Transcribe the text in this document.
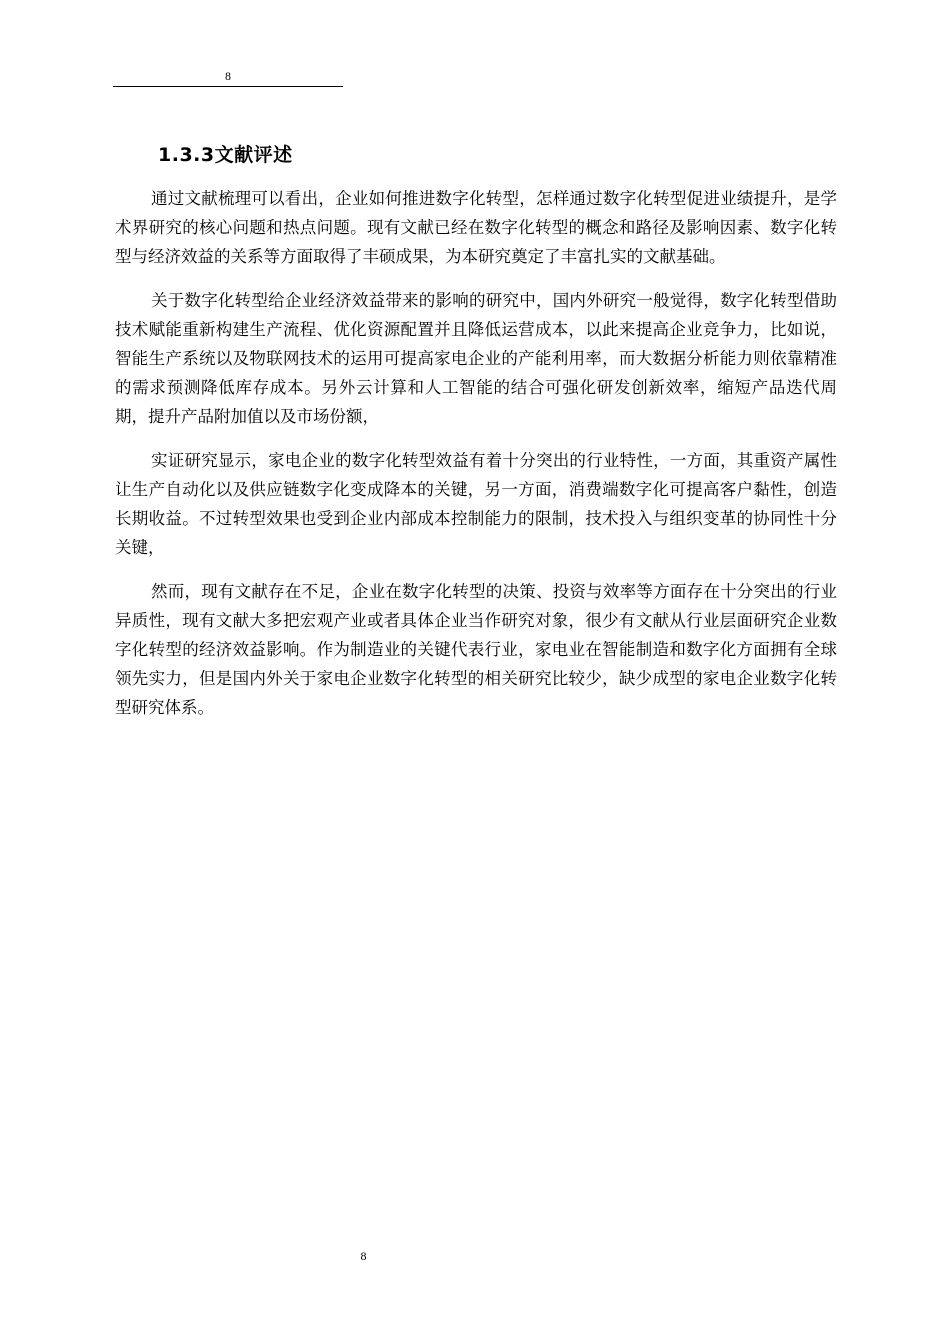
8
1.3.3文献评述

通过文献梳理可以看出，企业如何推进数字化转型，怎样通过数字化转型促进业绩提升，是学术界研究的核心问题和热点问题。现有文献已经在数字化转型的概念和路径及影响因素、数字化转型与经济效益的关系等方面取得了丰硕成果，为本研究奠定了丰富扎实的文献基础。

关于数字化转型给企业经济效益带来的影响的研究中，国内外研究一般觉得，数字化转型借助技术赋能重新构建生产流程、优化资源配置并且降低运营成本，以此来提高企业竞争力，比如说，智能生产系统以及物联网技术的运用可提高家电企业的产能利用率，而大数据分析能力则依靠精准的需求预测降低库存成本。另外云计算和人工智能的结合可强化研发创新效率，缩短产品迭代周期，提升产品附加值以及市场份额，

实证研究显示，家电企业的数字化转型效益有着十分突出的行业特性，一方面，其重资产属性让生产自动化以及供应链数字化变成降本的关键，另一方面，消费端数字化可提高客户黏性，创造长期收益。不过转型效果也受到企业内部成本控制能力的限制，技术投入与组织变革的协同性十分关键，

然而，现有文献存在不足，企业在数字化转型的决策、投资与效率等方面存在十分突出的行业异质性，现有文献大多把宏观产业或者具体企业当作研究对象，很少有文献从行业层面研究企业数字化转型的经济效益影响。作为制造业的关键代表行业，家电业在智能制造和数字化方面拥有全球领先实力，但是国内外关于家电企业数字化转型的相关研究比较少，缺少成型的家电企业数字化转型研究体系。

8
